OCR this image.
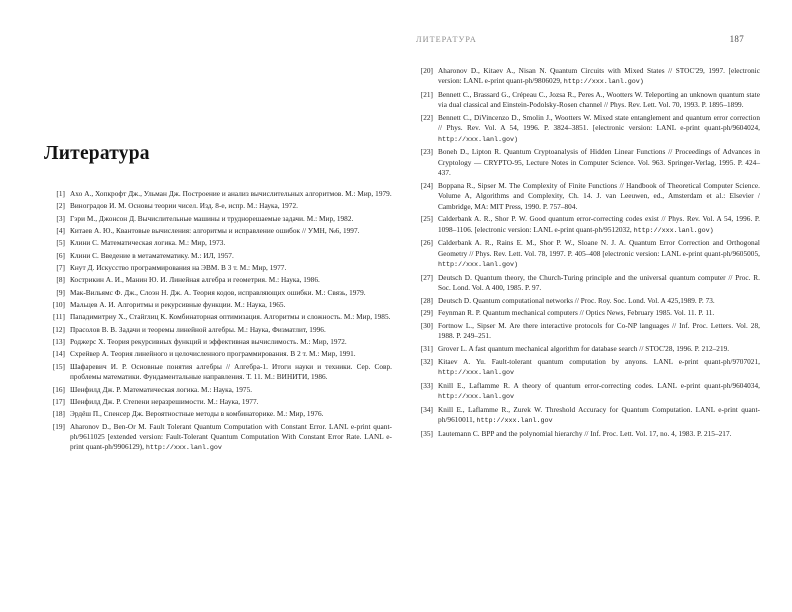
ЛИТЕРАТУРА	187
Литература
[1] Ахо А., Хопкрофт Дж., Ульман Дж. Построение и анализ вычислительных алгоритмов. М.: Мир, 1979.
[2] Виноградов И. М. Основы теории чисел. Изд. 8-е, испр. М.: Наука, 1972.
[3] Гэри М., Джонсон Д. Вычислительные машины и труднорешаемые задачи. М.: Мир, 1982.
[4] Китаев А. Ю., Квантовые вычисления: алгоритмы и исправление ошибок // УМН, №6, 1997.
[5] Клини С. Математическая логика. М.: Мир, 1973.
[6] Клини С. Введение в метаматематику. М.: ИЛ, 1957.
[7] Кнут Д. Искусство программирования на ЭВМ. В 3 т. М.: Мир, 1977.
[8] Кострикин А. И., Манин Ю. И. Линейная алгебра и геометрия. М.: Наука, 1986.
[9] Мак-Вильямс Ф. Дж., Слоэн Н. Дж. А. Теория кодов, исправляющих ошибки. М.: Связь, 1979.
[10] Мальцев А. И. Алгоритмы и рекурсивные функции. М.: Наука, 1965.
[11] Пападимитриу Х., Стайглиц К. Комбинаторная оптимизация. Алгоритмы и сложность. М.: Мир, 1985.
[12] Прасолов В. В. Задачи и теоремы линейной алгебры. М.: Наука, Физматлит, 1996.
[13] Роджерс Х. Теория рекурсивных функций и эффективная вычислимость. М.: Мир, 1972.
[14] Схрейвер А. Теория линейного и целочисленного программирования. В 2 т. М.: Мир, 1991.
[15] Шафаревич И. Р. Основные понятия алгебры // Алгебра-1. Итоги науки и техники. Сер. Совр. проблемы математики. Фундаментальные направления. Т. 11. М.: ВИНИТИ, 1986.
[16] Шенфилд Дж. Р. Математическая логика. М.: Наука, 1975.
[17] Шенфилд Дж. Р. Степени неразрешимости. М.: Наука, 1977.
[18] Эрдёш П., Спенсер Дж. Вероятностные методы в комбинаторике. М.: Мир, 1976.
[19] Aharonov D., Ben-Or M. Fault Tolerant Quantum Computation with Constant Error. LANL e-print quant-ph/9611025 [extended version: Fault-Tolerant Quantum Computation With Constant Error Rate. LANL e-print quant-ph/9906129), http://xxx.lanl.gov
[20] Aharonov D., Kitaev A., Nisan N. Quantum Circuits with Mixed States // STOC'29, 1997. [electronic version: LANL e-print quant-ph/9806029, http://xxx.lanl.gov)
[21] Bennett C., Brassard G., Crépeau C., Jozsa R., Peres A., Wootters W. Teleporting an unknown quantum state via dual classical and Einstein-Podolsky-Rosen channel // Phys. Rev. Lett. Vol. 70, 1993. P. 1895–1899.
[22] Bennett C., DiVincenzo D., Smolin J., Wootters W. Mixed state entanglement and quantum error correction // Phys. Rev. Vol. A 54, 1996. P. 3824–3851. [electronic version: LANL e-print quant-ph/9604024, http://xxx.lanl.gov)
[23] Boneh D., Lipton R. Quantum Cryptoanalysis of Hidden Linear Functions // Proceedings of Advances in Cryptology — CRYPTO-95, Lecture Notes in Computer Science. Vol. 963. Springer-Verlag, 1995. P. 424–437.
[24] Boppana R., Sipser M. The Complexity of Finite Functions // Handbook of Theoretical Computer Science. Volume A, Algorithms and Complexity, Ch. 14. J. van Leeuwen, ed., Amsterdam et al.: Elsevier / Cambridge, MA: MIT Press, 1990. P. 757–804.
[25] Calderbank A. R., Shor P. W. Good quantum error-correcting codes exist // Phys. Rev. Vol. A 54, 1996. P. 1098–1106. [electronic version: LANL e-print quant-ph/9512032, http://xxx.lanl.gov)
[26] Calderbank A. R., Rains E. M., Shor P. W., Sloane N. J. A. Quantum Error Correction and Orthogonal Geometry // Phys. Rev. Lett. Vol. 78, 1997. P. 405–408 [electronic version: LANL e-print quant-ph/9605005, http://xxx.lanl.gov)
[27] Deutsch D. Quantum theory, the Church-Turing principle and the universal quantum computer // Proc. R. Soc. Lond. Vol. A 400, 1985. P. 97.
[28] Deutsch D. Quantum computational networks // Proc. Roy. Soc. Lond. Vol. A 425,1989. P. 73.
[29] Feynman R. P. Quantum mechanical computers // Optics News, February 1985. Vol. 11. P. 11.
[30] Fortnow L., Sipser M. Are there interactive protocols for Co-NP languages // Inf. Proc. Letters. Vol. 28, 1988. P. 249–251.
[31] Grover L. A fast quantum mechanical algorithm for database search // STOC'28, 1996. P. 212–219.
[32] Kitaev A. Yu. Fault-tolerant quantum computation by anyons. LANL e-print quant-ph/9707021, http://xxx.lanl.gov
[33] Knill E., Laflamme R. A theory of quantum error-correcting codes. LANL e-print quant-ph/9604034, http://xxx.lanl.gov
[34] Knill E., Laflamme R., Zurek W. Threshold Accuracy for Quantum Computation. LANL e-print quant-ph/9610011, http://xxx.lanl.gov
[35] Lautemann C. BPP and the polynomial hierarchy // Inf. Proc. Lett. Vol. 17, no. 4, 1983. P. 215–217.
